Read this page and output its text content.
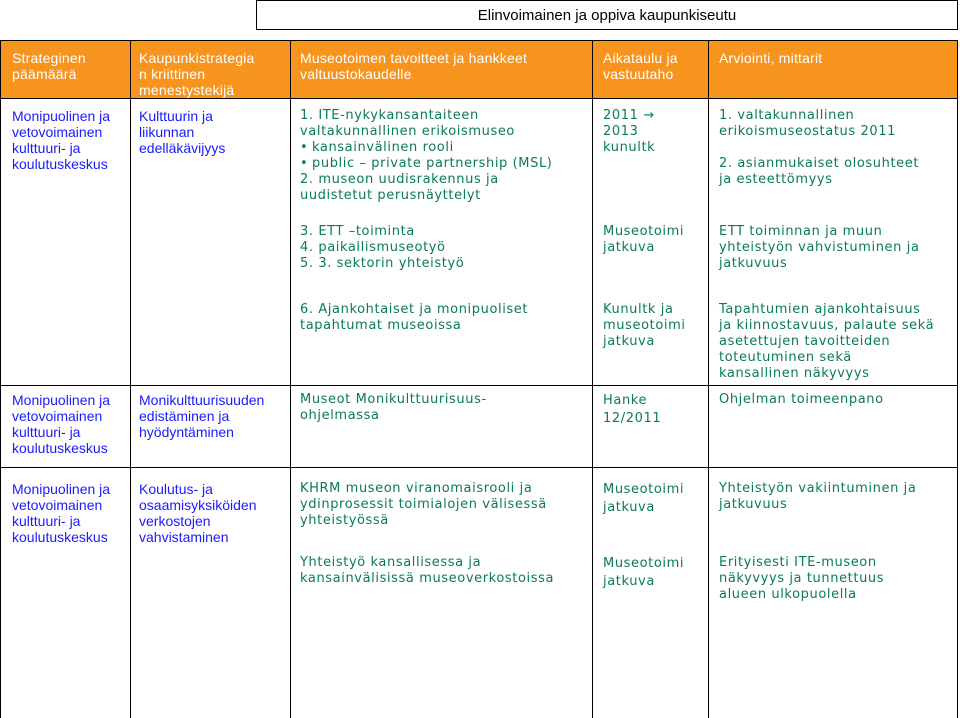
Elinvoimainen ja oppiva kaupunkiseutu
Strateginen
päämäärä
Kaupunkistrategia
n kriittinen
menestystekijä
Museotoimen tavoitteet ja hankkeet
valtuustokaudelle
Aikataulu ja
vastuutaho
Arviointi, mittarit
Monipuolinen ja
vetovoimainen
kulttuuri- ja
koulutuskeskus
Kulttuurin ja
liikunnan
edelläkävijyys
1. ITE-nykykansantaiteen
valtakunnallinen erikoismuseo
• kansainvälinen rooli
• public – private partnership (MSL)
2. museon uudisrakennus ja
uudistetut perusnäyttelyt
2011 →
2013
kunultk
1. valtakunnallinen
erikoismuseostatus 2011
2. asianmukaiset olosuhteet
ja esteettömyys
3. ETT –toiminta
4. paikallismuseotyö
5. 3. sektorin yhteistyö
Museotoimi
jatkuva
ETT toiminnan ja muun
yhteistyön vahvistuminen ja
jatkuvuus
6. Ajankohtaiset ja monipuoliset
tapahtumat museoissa
Kunultk ja
museotoimi
jatkuva
Tapahtumien ajankohtaisuus
ja kiinnostavuus, palaute sekä
asetettujen tavoitteiden
toteutuminen sekä
kansallinen näkyvyys
Monipuolinen ja
vetovoimainen
kulttuuri- ja
koulutuskeskus
Monikulttuurisuuden
edistäminen ja
hyödyntäminen
Museot Monikulttuurisuus-
ohjelmassa
Hanke
12/2011
Ohjelman toimeenpano
Monipuolinen ja
vetovoimainen
kulttuuri- ja
koulutuskeskus
Koulutus- ja
osaamisyksiköiden
verkostojen
vahvistaminen
KHRM museon viranomaisrooli ja
ydinprosessit toimialojen välisessä
yhteistyössä
Museotoimi
jatkuva
Yhteistyön vakiintuminen ja
jatkuvuus
Yhteistyö kansallisessa ja
kansainvälisissä museoverkostoissa
Museotoimi
jatkuva
Erityisesti ITE-museon
näkyvyys ja tunnettuus
alueen ulkopuolella
